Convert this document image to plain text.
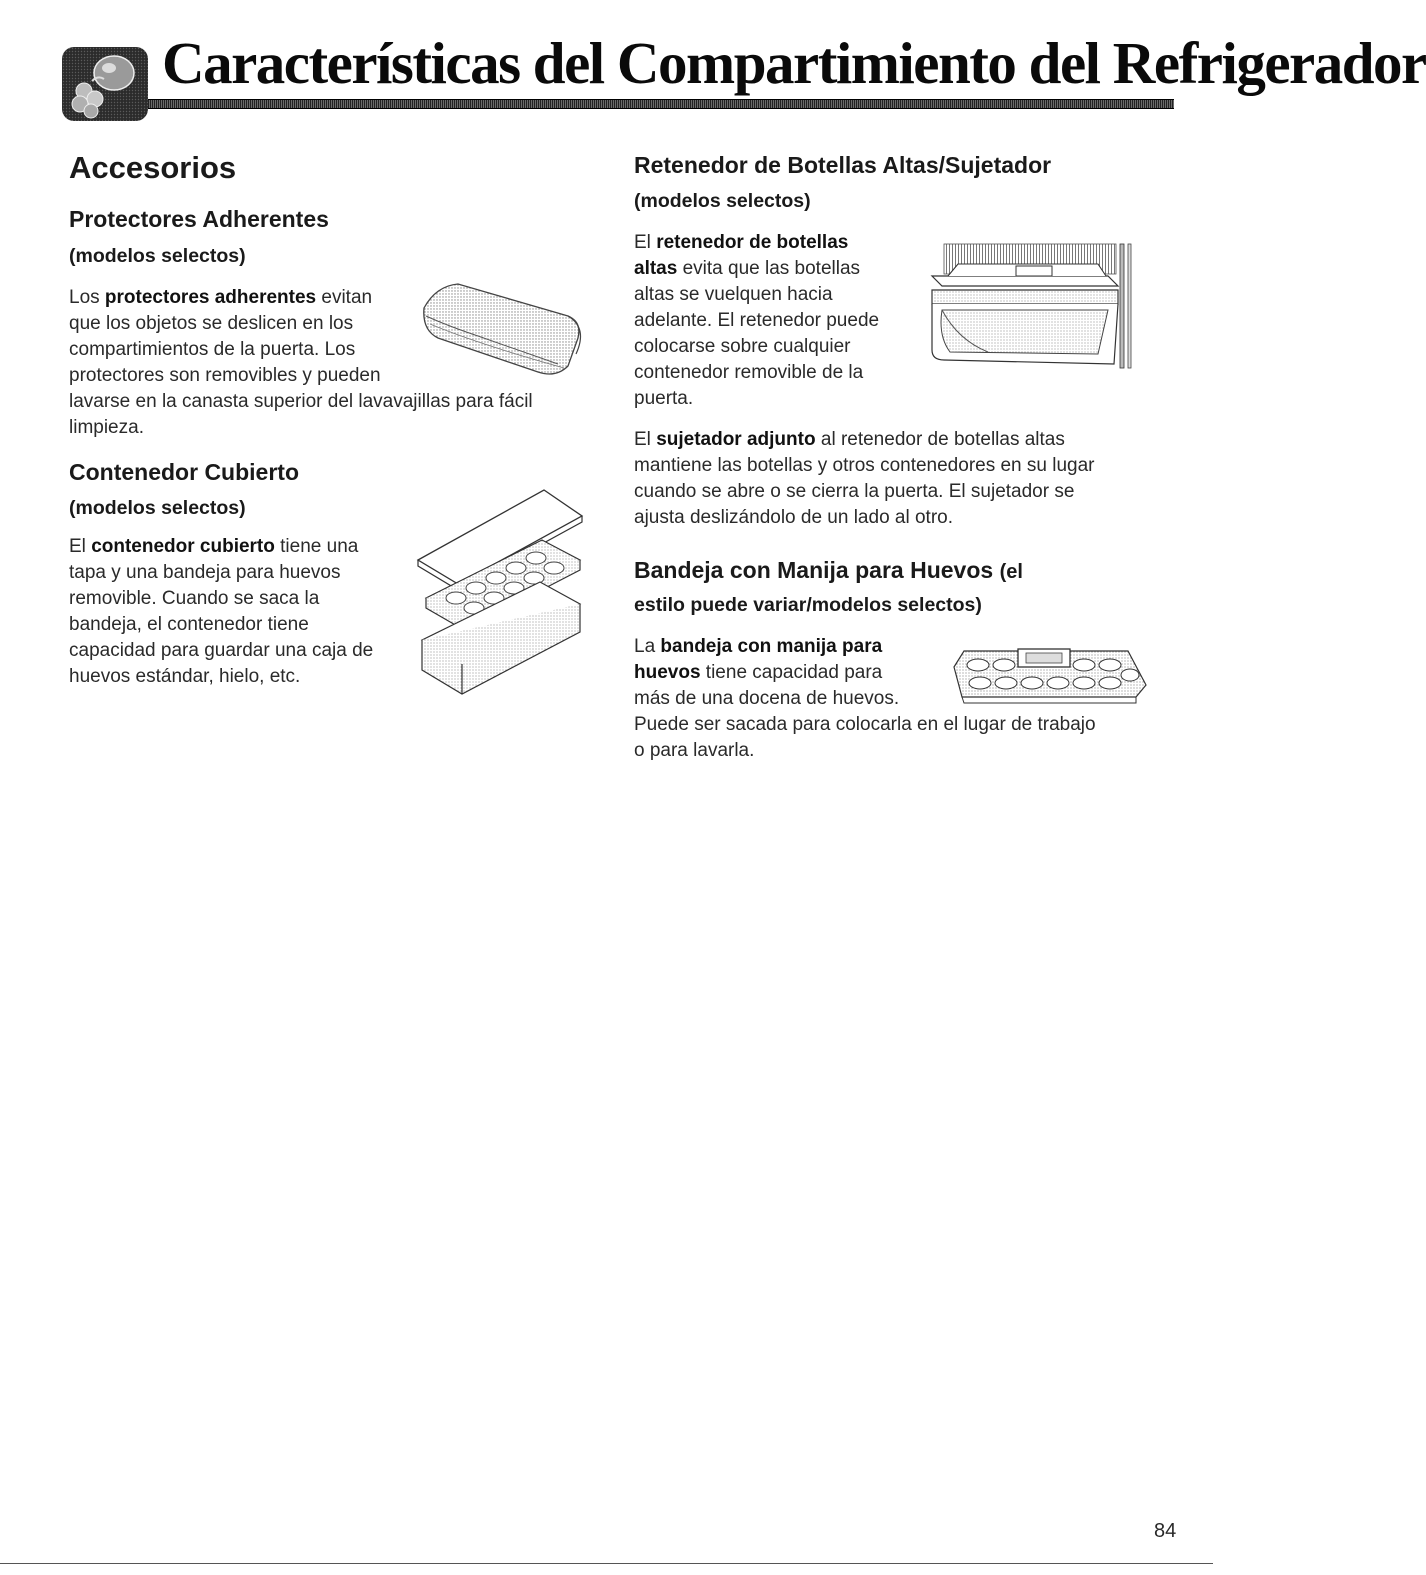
Características del Compartimiento del Refrigerador
Accesorios
Protectores Adherentes
(modelos selectos)
Los protectores adherentes evitan
que los objetos se deslicen en los
compartimientos de la puerta. Los
protectores son removibles y pueden
lavarse en la canasta superior del lavavajillas para fácil
limpieza.
Contenedor Cubierto
(modelos selectos)
El contenedor cubierto tiene una
tapa y una bandeja para huevos
removible. Cuando se saca la
bandeja, el contenedor tiene
capacidad para guardar una caja de
huevos estándar, hielo, etc.
Retenedor de Botellas Altas/Sujetador
(modelos selectos)
El retenedor de botellas
altas evita que las botellas
altas se vuelquen hacia
adelante. El retenedor puede
colocarse sobre cualquier
contenedor removible de la
puerta.
El sujetador adjunto al retenedor de botellas altas
mantiene las botellas y otros contenedores en su lugar
cuando se abre o se cierra la puerta. El sujetador se
ajusta deslizándolo de un lado al otro.
Bandeja con Manija para Huevos (el
estilo puede variar/modelos selectos)
La bandeja con manija para
huevos tiene capacidad para
más de una docena de huevos.
Puede ser sacada para colocarla en el lugar de trabajo
o para lavarla.
84
